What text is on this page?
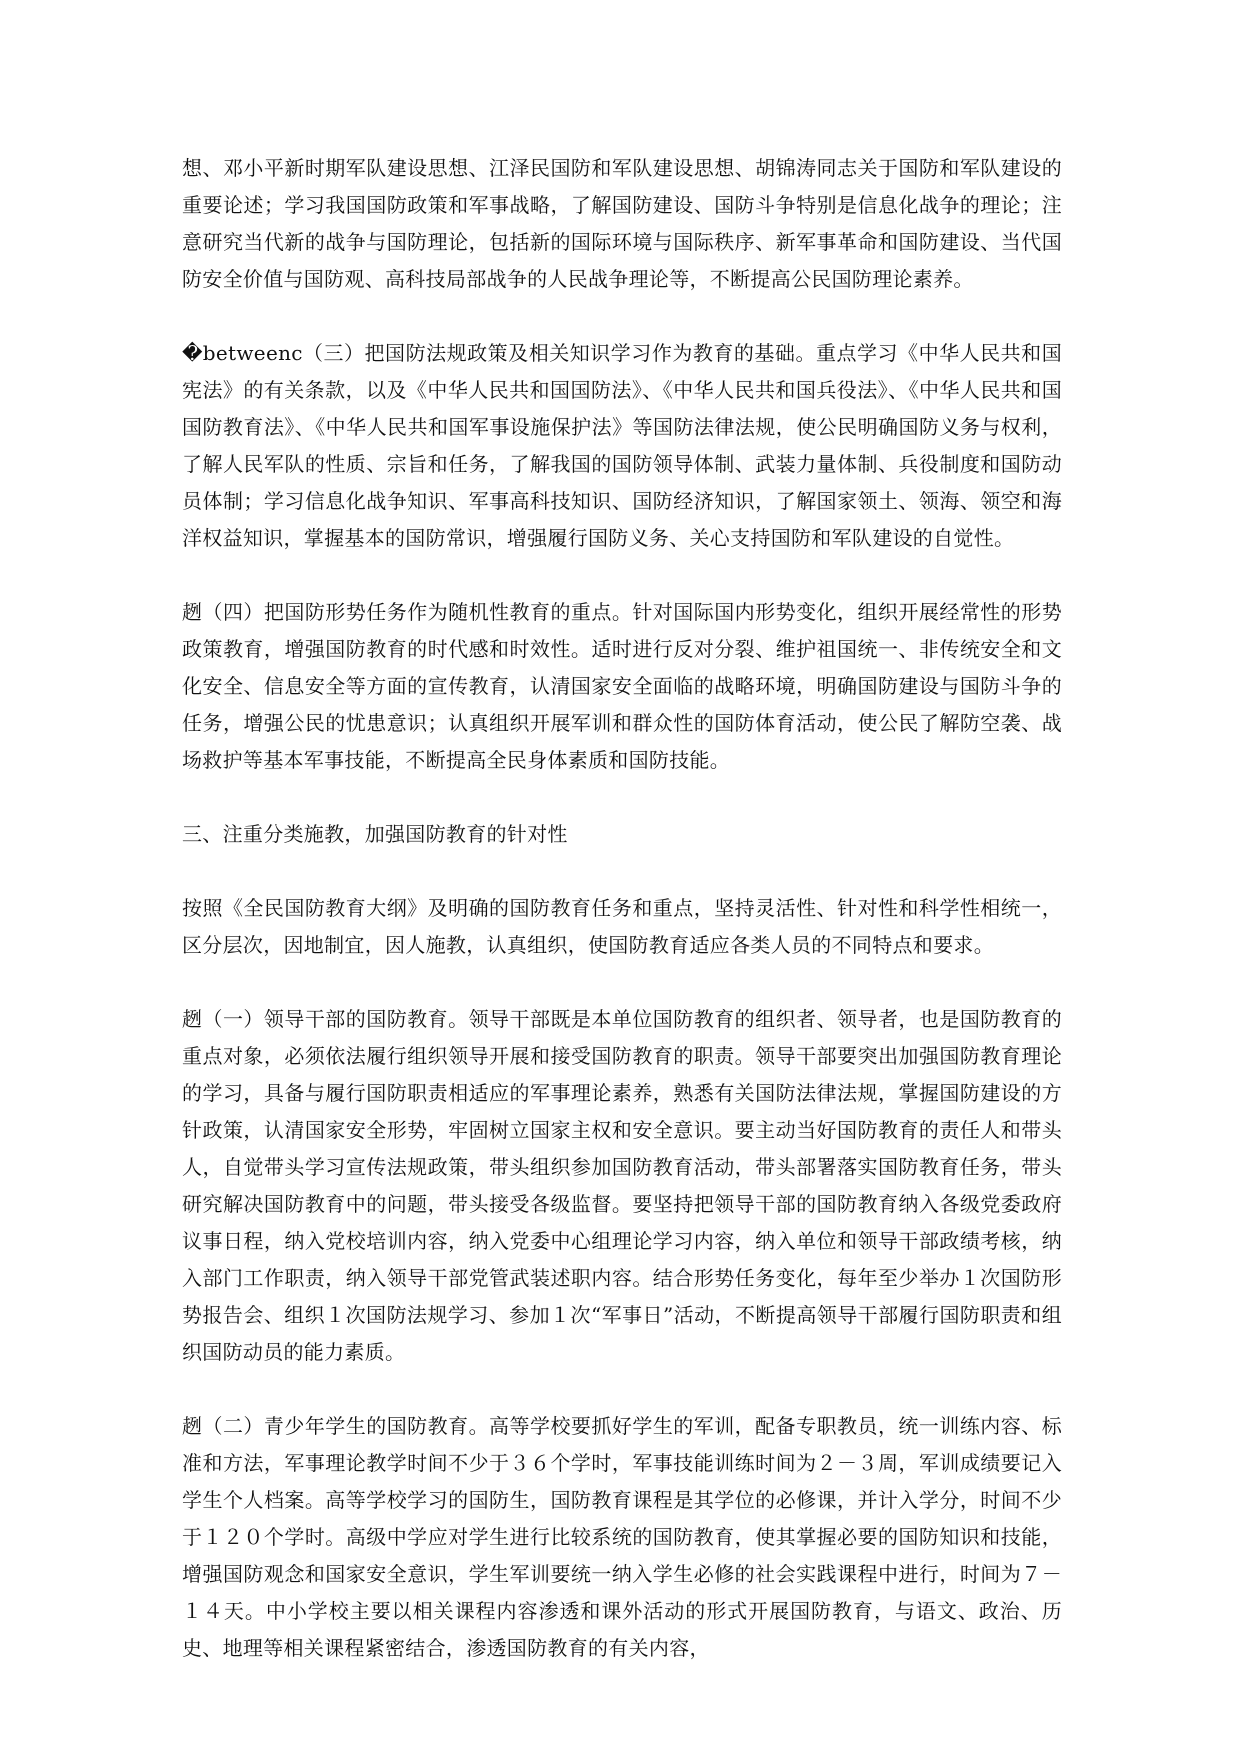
想、邓小平新时期军队建设思想、江泽民国防和军队建设思想、胡锦涛同志关于国防和军队建设的重要论述；学习我国国防政策和军事战略，了解国防建设、国防斗争特别是信息化战争的理论；注意研究当代新的战争与国防理论，包括新的国际环境与国际秩序、新军事革命和国防建设、当代国防安全价值与国防观、高科技局部战争的人民战争理论等，不断提高公民国防理论素养。

�betweenc（三）把国防法规政策及相关知识学习作为教育的基础。重点学习《中华人民共和国宪法》的有关条款，以及《中华人民共和国国防法》、《中华人民共和国兵役法》、《中华人民共和国国防教育法》、《中华人民共和国军事设施保护法》等国防法律法规，使公民明确国防义务与权利，了解人民军队的性质、宗旨和任务，了解我国的国防领导体制、武装力量体制、兵役制度和国防动员体制；学习信息化战争知识、军事高科技知识、国防经济知识，了解国家领土、领海、领空和海洋权益知识，掌握基本的国防常识，增强履行国防义务、关心支持国防和军队建设的自觉性。

趔（四）把国防形势任务作为随机性教育的重点。针对国际国内形势变化，组织开展经常性的形势政策教育，增强国防教育的时代感和时效性。适时进行反对分裂、维护祖国统一、非传统安全和文化安全、信息安全等方面的宣传教育，认清国家安全面临的战略环境，明确国防建设与国防斗争的任务，增强公民的忧患意识；认真组织开展军训和群众性的国防体育活动，使公民了解防空袭、战场救护等基本军事技能，不断提高全民身体素质和国防技能。

三、注重分类施教，加强国防教育的针对性

按照《全民国防教育大纲》及明确的国防教育任务和重点，坚持灵活性、针对性和科学性相统一，区分层次，因地制宜，因人施教，认真组织，使国防教育适应各类人员的不同特点和要求。

趔（一）领导干部的国防教育。领导干部既是本单位国防教育的组织者、领导者，也是国防教育的重点对象，必须依法履行组织领导开展和接受国防教育的职责。领导干部要突出加强国防教育理论的学习，具备与履行国防职责相适应的军事理论素养，熟悉有关国防法律法规，掌握国防建设的方针政策，认清国家安全形势，牢固树立国家主权和安全意识。要主动当好国防教育的责任人和带头人，自觉带头学习宣传法规政策，带头组织参加国防教育活动，带头部署落实国防教育任务，带头研究解决国防教育中的问题，带头接受各级监督。要坚持把领导干部的国防教育纳入各级党委政府议事日程，纳入党校培训内容，纳入党委中心组理论学习内容，纳入单位和领导干部政绩考核，纳入部门工作职责，纳入领导干部党管武装述职内容。结合形势任务变化，每年至少举办１次国防形势报告会、组织１次国防法规学习、参加１次“军事日”活动，不断提高领导干部履行国防职责和组织国防动员的能力素质。

趔（二）青少年学生的国防教育。高等学校要抓好学生的军训，配备专职教员，统一训练内容、标准和方法，军事理论教学时间不少于３６个学时，军事技能训练时间为２－３周，军训成绩要记入学生个人档案。高等学校学习的国防生，国防教育课程是其学位的必修课，并计入学分，时间不少于１２０个学时。高级中学应对学生进行比较系统的国防教育，使其掌握必要的国防知识和技能，增强国防观念和国家安全意识，学生军训要统一纳入学生必修的社会实践课程中进行，时间为７－１４天。中小学校主要以相关课程内容渗透和课外活动的形式开展国防教育，与语文、政治、历史、地理等相关课程紧密结合，渗透国防教育的有关内容，
